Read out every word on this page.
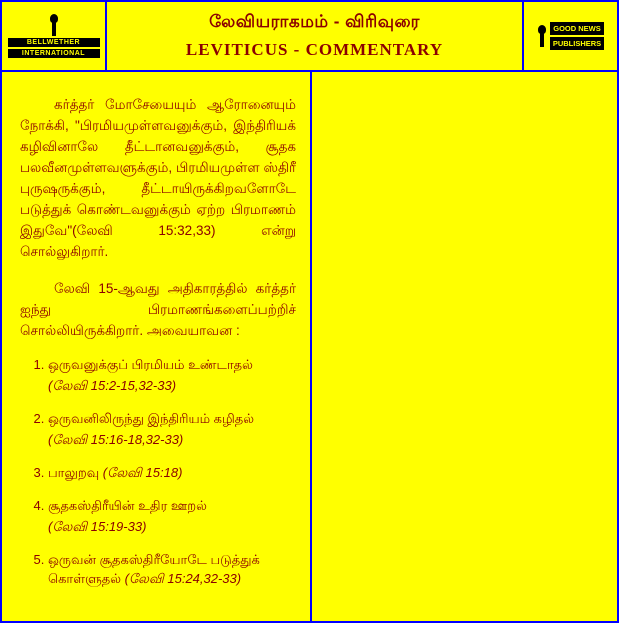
BELLWETHER
INTERNATIONAL
லேவியராகமம் - விரிவுரை
LEVITICUS - COMMENTARY
GOOD NEWS
PUBLISHERS

கர்த்தர் மோசேயையும் ஆரோனையும் நோக்கி, "பிரமியமுள்ளவனுக்கும், இந்திரியக் கழிவினாலே தீட்டானவனுக்கும், சூதக பலவீனமுள்ளவளுக்கும், பிரமியமுள்ள ஸ்திரீ புருஷருக்கும், தீட்டாயிருக்கிறவளோடே படுத்துக் கொண்டவனுக்கும் ஏற்ற பிரமாணம் இதுவே"(லேவி 15:32,33) என்று சொல்லுகிறார்.

லேவி 15-ஆவது அதிகாரத்தில் கர்த்தர் ஐந்து பிரமாணங்களைப்பற்றிச் சொல்லியிருக்கிறார். அவையாவன :

1. ஒருவனுக்குப் பிரமியம் உண்டாதல்
(லேவி 15:2-15,32-33)
2. ஒருவனிலிருந்து இந்திரியம் கழிதல்
(லேவி 15:16-18,32-33)
3. பாலுறவு (லேவி 15:18)
4. சூதகஸ்திரீயின் உதிர ஊறல்
(லேவி 15:19-33)
5. ஒருவன் சூதகஸ்திரீயோடே படுத்துக் கொள்ளுதல் (லேவி 15:24,32-33)
